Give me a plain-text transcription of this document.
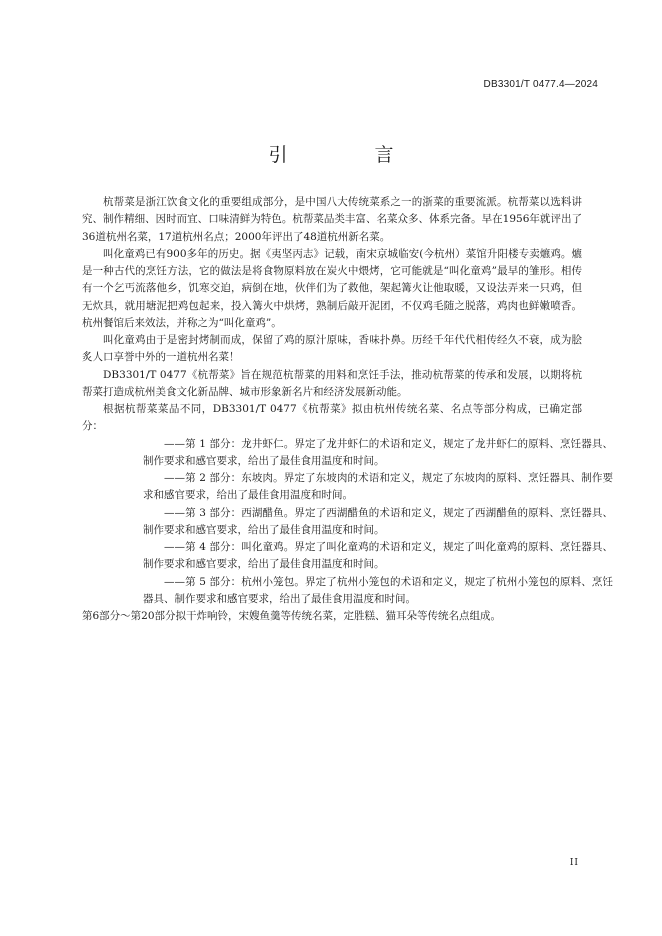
DB3301/T 0477.4—2024
引　言

杭帮菜是浙江饮食文化的重要组成部分，是中国八大传统菜系之一的浙菜的重要流派。杭帮菜以选料讲究、制作精细、因时而宜、口味清鲜为特色。杭帮菜品类丰富、名菜众多、体系完备。早在1956年就评出了36道杭州名菜，17道杭州名点；2000年评出了48道杭州新名菜。

叫化童鸡已有900多年的历史。据《夷坚丙志》记载，南宋京城临安(今杭州）菜馆升阳楼专卖爊鸡。爊是一种古代的烹饪方法，它的做法是将食物原料放在炭火中煨烤，它可能就是“叫化童鸡”最早的雏形。相传有一个乞丐流落他乡，饥寒交迫，病倒在地，伙伴们为了救他，架起篝火让他取暖，又设法弄来一只鸡，但无炊具，就用塘泥把鸡包起来，投入篝火中烘烤，熟制后敲开泥团，不仅鸡毛随之脱落，鸡肉也鲜嫩喷香。杭州餐馆后来效法，并称之为“叫化童鸡”。

叫化童鸡由于是密封烤制而成，保留了鸡的原汁原味，香味扑鼻。历经千年代代相传经久不衰，成为脍炙人口享誉中外的一道杭州名菜！

DB3301/T 0477《杭帮菜》旨在规范杭帮菜的用料和烹饪手法，推动杭帮菜的传承和发展，以期将杭帮菜打造成杭州美食文化新品牌、城市形象新名片和经济发展新动能。

根据杭帮菜菜品不同，DB3301/T 0477《杭帮菜》拟由杭州传统名菜、名点等部分构成，已确定部分：

——第 1 部分：龙井虾仁。界定了龙井虾仁的术语和定义，规定了龙井虾仁的原料、烹饪器具、制作要求和感官要求，给出了最佳食用温度和时间。

——第 2 部分：东坡肉。界定了东坡肉的术语和定义，规定了东坡肉的原料、烹饪器具、制作要求和感官要求，给出了最佳食用温度和时间。

——第 3 部分：西湖醋鱼。界定了西湖醋鱼的术语和定义，规定了西湖醋鱼的原料、烹饪器具、制作要求和感官要求，给出了最佳食用温度和时间。

——第 4 部分：叫化童鸡。界定了叫化童鸡的术语和定义，规定了叫化童鸡的原料、烹饪器具、制作要求和感官要求，给出了最佳食用温度和时间。

——第 5 部分：杭州小笼包。界定了杭州小笼包的术语和定义，规定了杭州小笼包的原料、烹饪器具、制作要求和感官要求，给出了最佳食用温度和时间。

第6部分～第20部分拟干炸响铃，宋嫂鱼羹等传统名菜，定胜糕、猫耳朵等传统名点组成。

II
